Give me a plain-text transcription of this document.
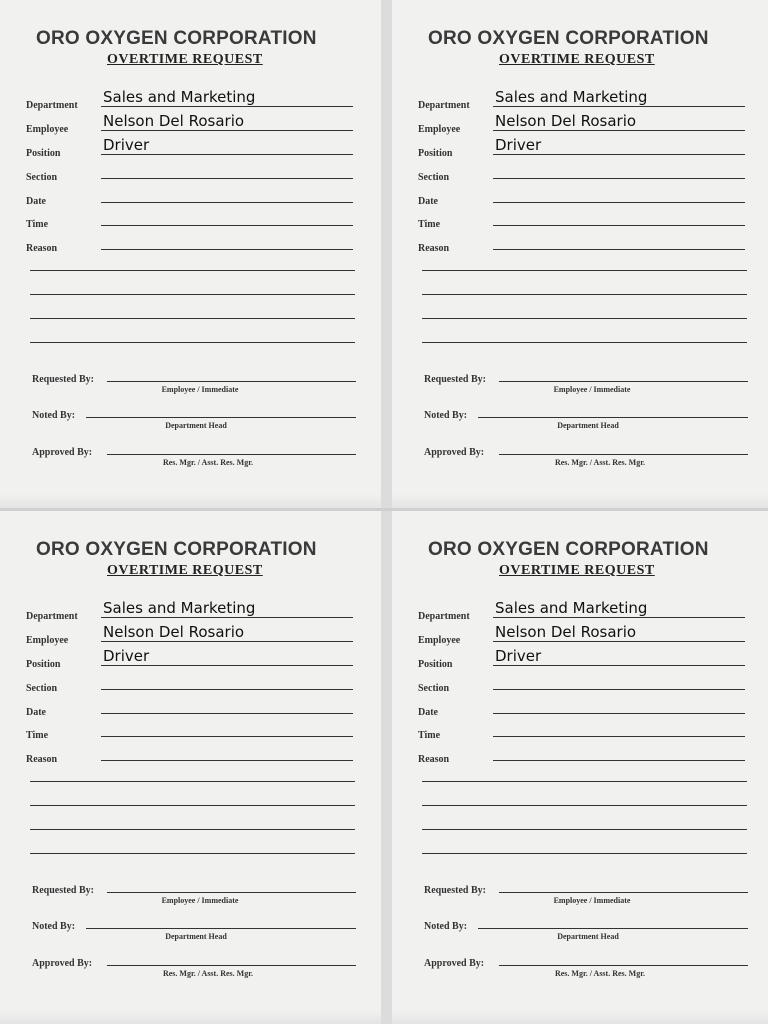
ORO OXYGEN CORPORATION
OVERTIME REQUEST
Department Sales and Marketing
Employee Nelson Del Rosario
Position	Driver
Section
Date
Time
Reason
Requested By:
Employee / Immediate
Noted By:
Department Head
Approved By:
Res. Mgr. / Asst. Res. Mgr.
ORO OXYGEN CORPORATION
OVERTIME REQUEST
Department Sales and Marketing
Employee Nelson Del Rosario
Position	Driver
Section
Date
Time
Reason
Requested By:
Employee / Immediate
Noted By:
Department Head
Approved By:
Res. Mgr. / Asst. Res. Mgr.
ORO OXYGEN CORPORATION
OVERTIME REQUEST
Department Sales and Marketing
Employee Nelson Del Rosario
Position	Driver
Section
Date
Time
Reason
Requested By:
Employee / Immediate
Noted By:
Department Head
Approved By:
Res. Mgr. / Asst. Res. Mgr.
ORO OXYGEN CORPORATION
OVERTIME REQUEST
Department Sales and Marketing
Employee Nelson Del Rosario
Position	Driver
Section
Date
Time
Reason
Requested By:
Employee / Immediate
Noted By:
Department Head
Approved By:
Res. Mgr. / Asst. Res. Mgr.
